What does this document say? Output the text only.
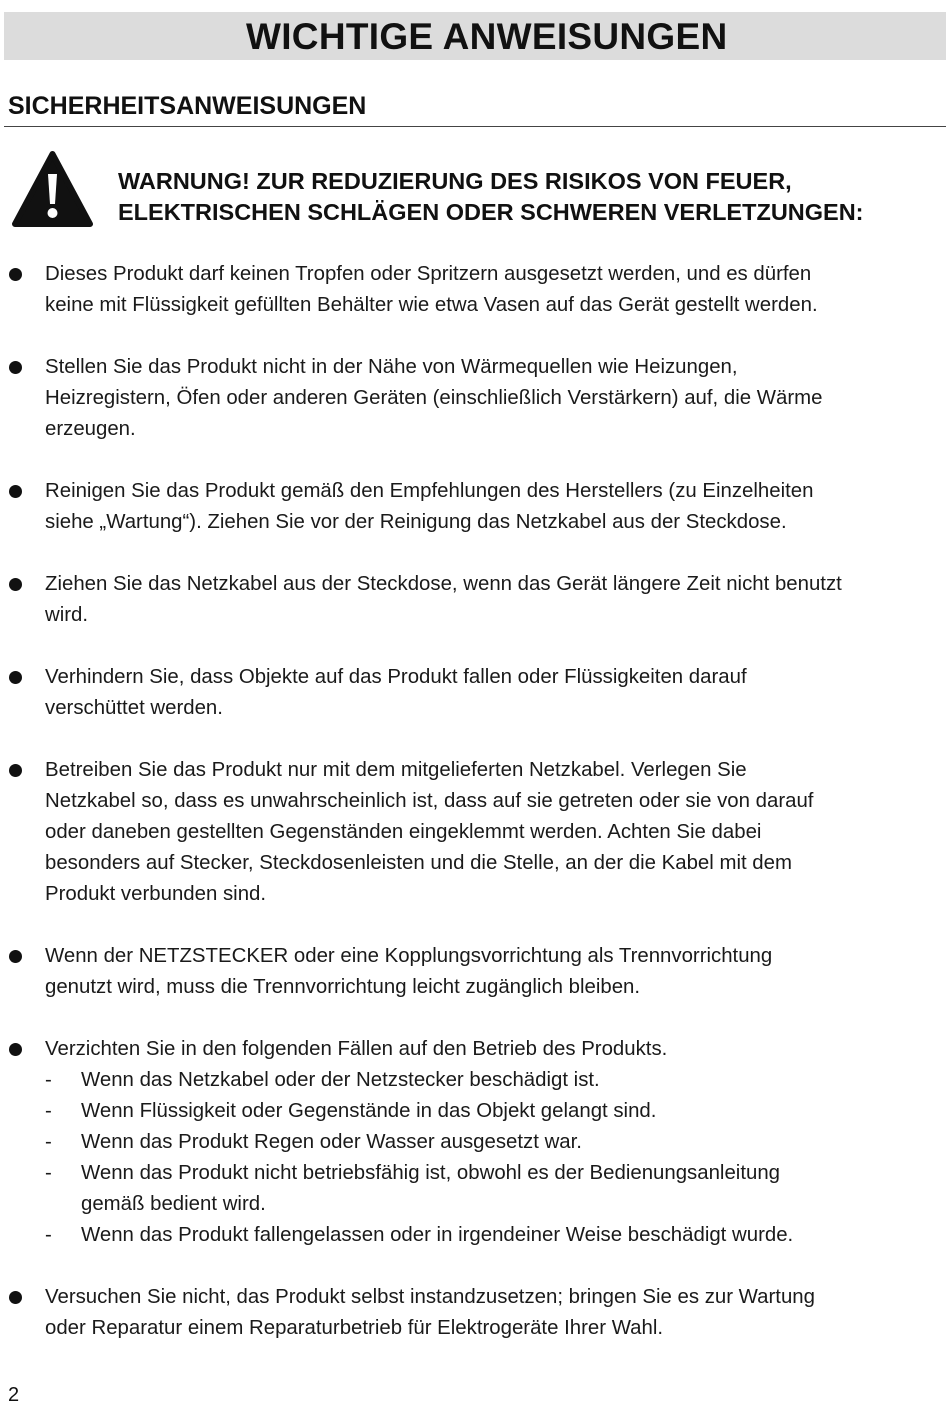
WICHTIGE ANWEISUNGEN
SICHERHEITSANWEISUNGEN

WARNUNG! ZUR REDUZIERUNG DES RISIKOS VON FEUER,
ELEKTRISCHEN SCHLÄGEN ODER SCHWEREN VERLETZUNGEN:

Dieses Produkt darf keinen Tropfen oder Spritzern ausgesetzt werden, und es dürfen
keine mit Flüssigkeit gefüllten Behälter wie etwa Vasen auf das Gerät gestellt werden.
Stellen Sie das Produkt nicht in der Nähe von Wärmequellen wie Heizungen,
Heizregistern, Öfen oder anderen Geräten (einschließlich Verstärkern) auf, die Wärme
erzeugen.
Reinigen Sie das Produkt gemäß den Empfehlungen des Herstellers (zu Einzelheiten
siehe „Wartung“). Ziehen Sie vor der Reinigung das Netzkabel aus der Steckdose.
Ziehen Sie das Netzkabel aus der Steckdose, wenn das Gerät längere Zeit nicht benutzt
wird.
Verhindern Sie, dass Objekte auf das Produkt fallen oder Flüssigkeiten darauf
verschüttet werden.
Betreiben Sie das Produkt nur mit dem mitgelieferten Netzkabel. Verlegen Sie
Netzkabel so, dass es unwahrscheinlich ist, dass auf sie getreten oder sie von darauf
oder daneben gestellten Gegenständen eingeklemmt werden. Achten Sie dabei
besonders auf Stecker, Steckdosenleisten und die Stelle, an der die Kabel mit dem
Produkt verbunden sind.
Wenn der NETZSTECKER oder eine Kopplungsvorrichtung als Trennvorrichtung
genutzt wird, muss die Trennvorrichtung leicht zugänglich bleiben.
Verzichten Sie in den folgenden Fällen auf den Betrieb des Produkts.
- Wenn das Netzkabel oder der Netzstecker beschädigt ist.
- Wenn Flüssigkeit oder Gegenstände in das Objekt gelangt sind.
- Wenn das Produkt Regen oder Wasser ausgesetzt war.
- Wenn das Produkt nicht betriebsfähig ist, obwohl es der Bedienungsanleitung
gemäß bedient wird.
- Wenn das Produkt fallengelassen oder in irgendeiner Weise beschädigt wurde.
Versuchen Sie nicht, das Produkt selbst instandzusetzen; bringen Sie es zur Wartung
oder Reparatur einem Reparaturbetrieb für Elektrogeräte Ihrer Wahl.
2
